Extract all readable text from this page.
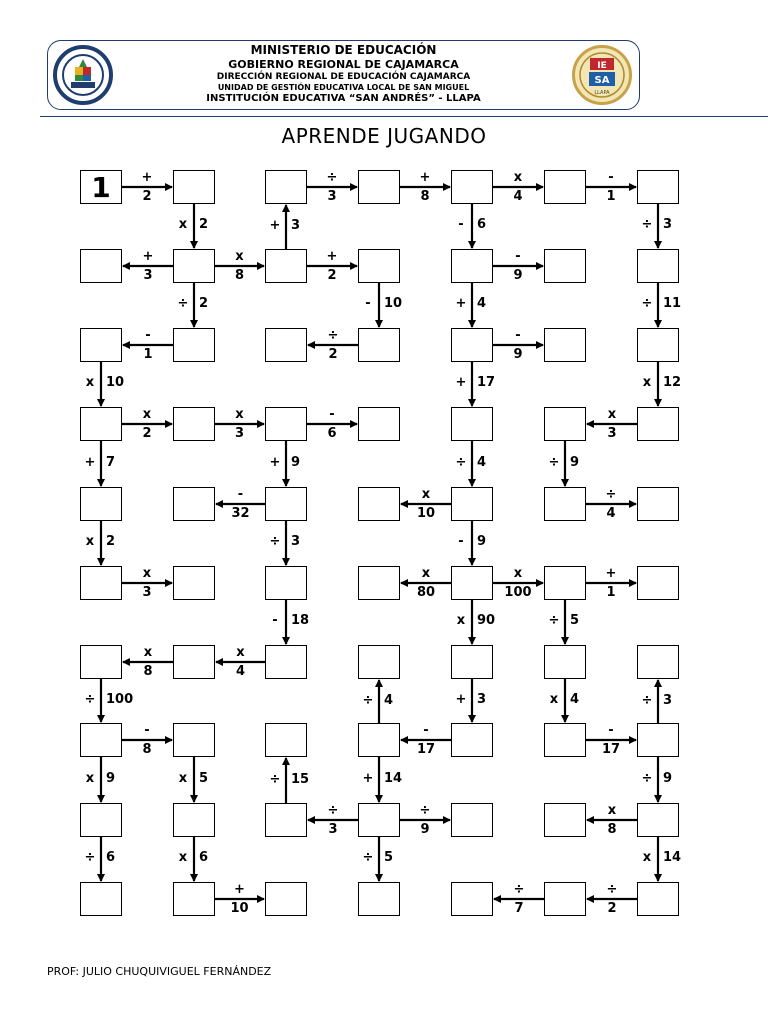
MINISTERIO DE EDUCACIÓN
GOBIERNO REGIONAL DE CAJAMARCA
DIRECCIÓN REGIONAL DE EDUCACIÓN CAJAMARCA
UNIDAD DE GESTIÓN EDUCATIVA LOCAL DE SAN MIGUEL
INSTITUCIÓN EDUCATIVA “SAN ANDRÉS” - LLAPA
IE
SA
LLAPA
APRENDE JUGANDO
1	+
2
÷
3
+
8
x
4
-
1
x 2	+ 3	-	6	÷ 3
+
3
x
8
+
2
-
9
÷ 2	-	10	+ 4	÷ 11
-
1
÷
2
-
9
x 10	+ 17	x 12
x
2
x
3
-
6
x
3
+ 7	+ 9	÷ 4	÷ 9
-
32
x
10
÷
4
x 2	÷ 3	-	9
x
3
x
80
x
100
+
1
-	18	x 90	÷ 5
x
8
x
4
÷ 100	÷ 4	+ 3	x 4	÷ 3
-
8
-
17
-
17
x 9	x 5	÷ 15	+ 14	÷ 9
÷
3
÷
9
x
8
÷ 6	x 6	÷ 5	x 14
+
10
÷
7
÷
2
PROF: JULIO CHUQUIVIGUEL FERNÁNDEZ
